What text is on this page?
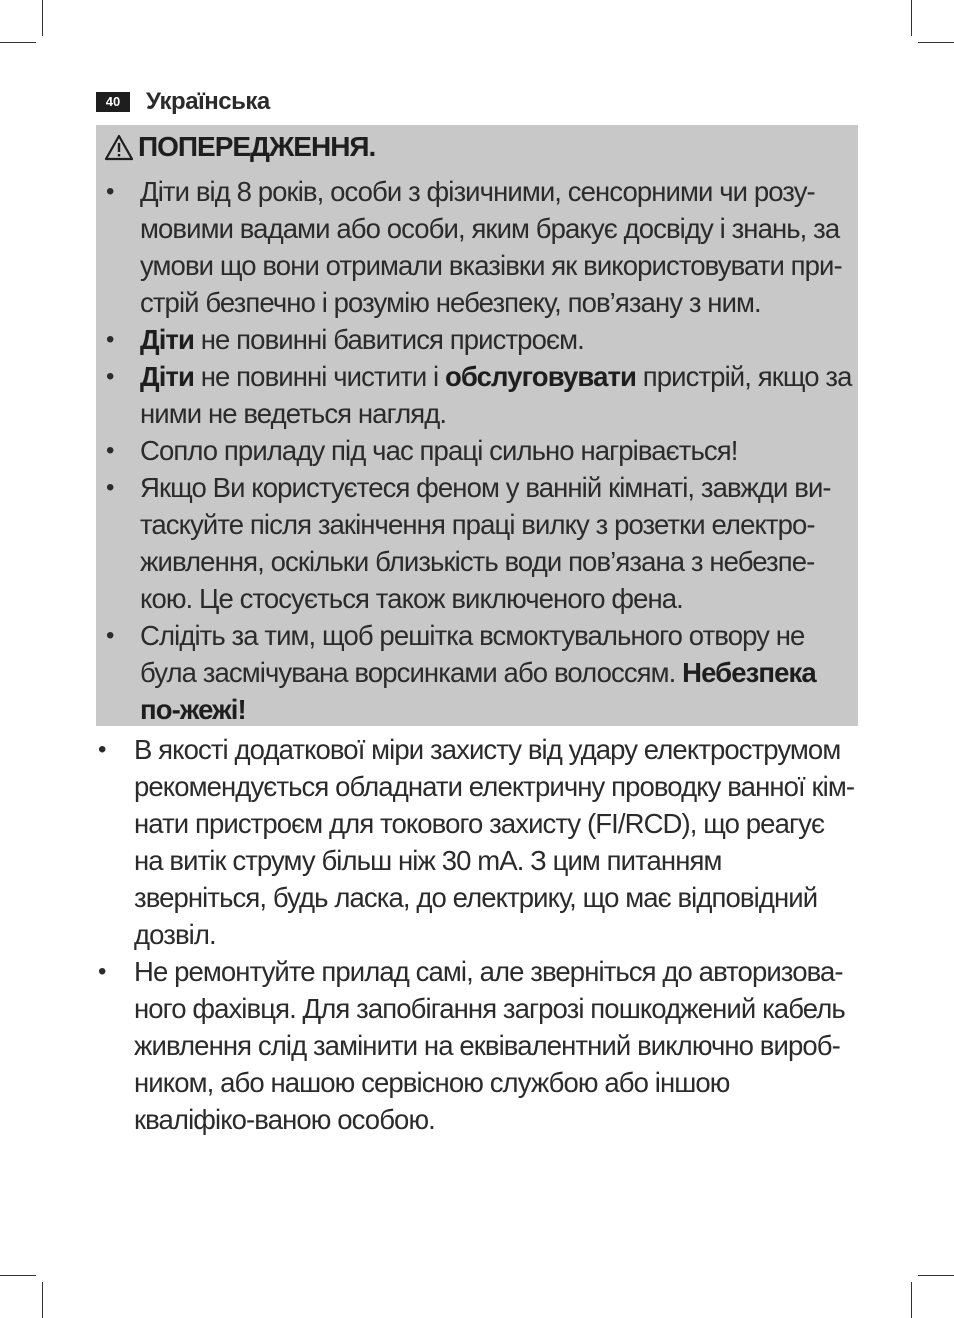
40	Українська
ПОПЕРЕДЖЕННЯ.
• Діти від 8 років, особи з фізичними, сенсорними чи розу-мовими вадами або особи, яким бракує досвіду і знань, за умови що вони отримали вказівки як використовувати при-стрій безпечно і розумію небезпеку, пов’язану з ним.
• Діти не повинні бавитися пристроєм.
• Діти не повинні чистити і обслуговувати пристрій, якщо за ними не ведеться нагляд.
• Сопло приладу під час праці сильно нагрівається!
• Якщо Ви користуєтеся феном у ванній кімнаті, завжди ви-таскуйте після закінчення праці вилку з розетки електро-живлення, оскільки близькість води пов’язана з небезпе-кою. Це стосується також виключеного фена.
• Слідіть за тим, щоб решітка всмоктувального отвору не була засмічувана ворсинками або волоссям. Небезпека по-жежі!
• В якості додаткової міри захисту від удару електрострумом рекомендується обладнати електричну проводку ванної кім-нати пристроєм для токового захисту (FI/RCD), що реагує на витік струму більш ніж 30 mA. З цим питанням зверніться, будь ласка, до електрику, що має відповідний дозвіл.
• Не ремонтуйте прилад самі, але зверніться до авторизова-ного фахівця. Для запобігання загрозі пошкоджений кабель живлення слід замінити на еквівалентний виключно вироб-ником, або нашою сервісною службою або іншою кваліфіко-ваною особою.
